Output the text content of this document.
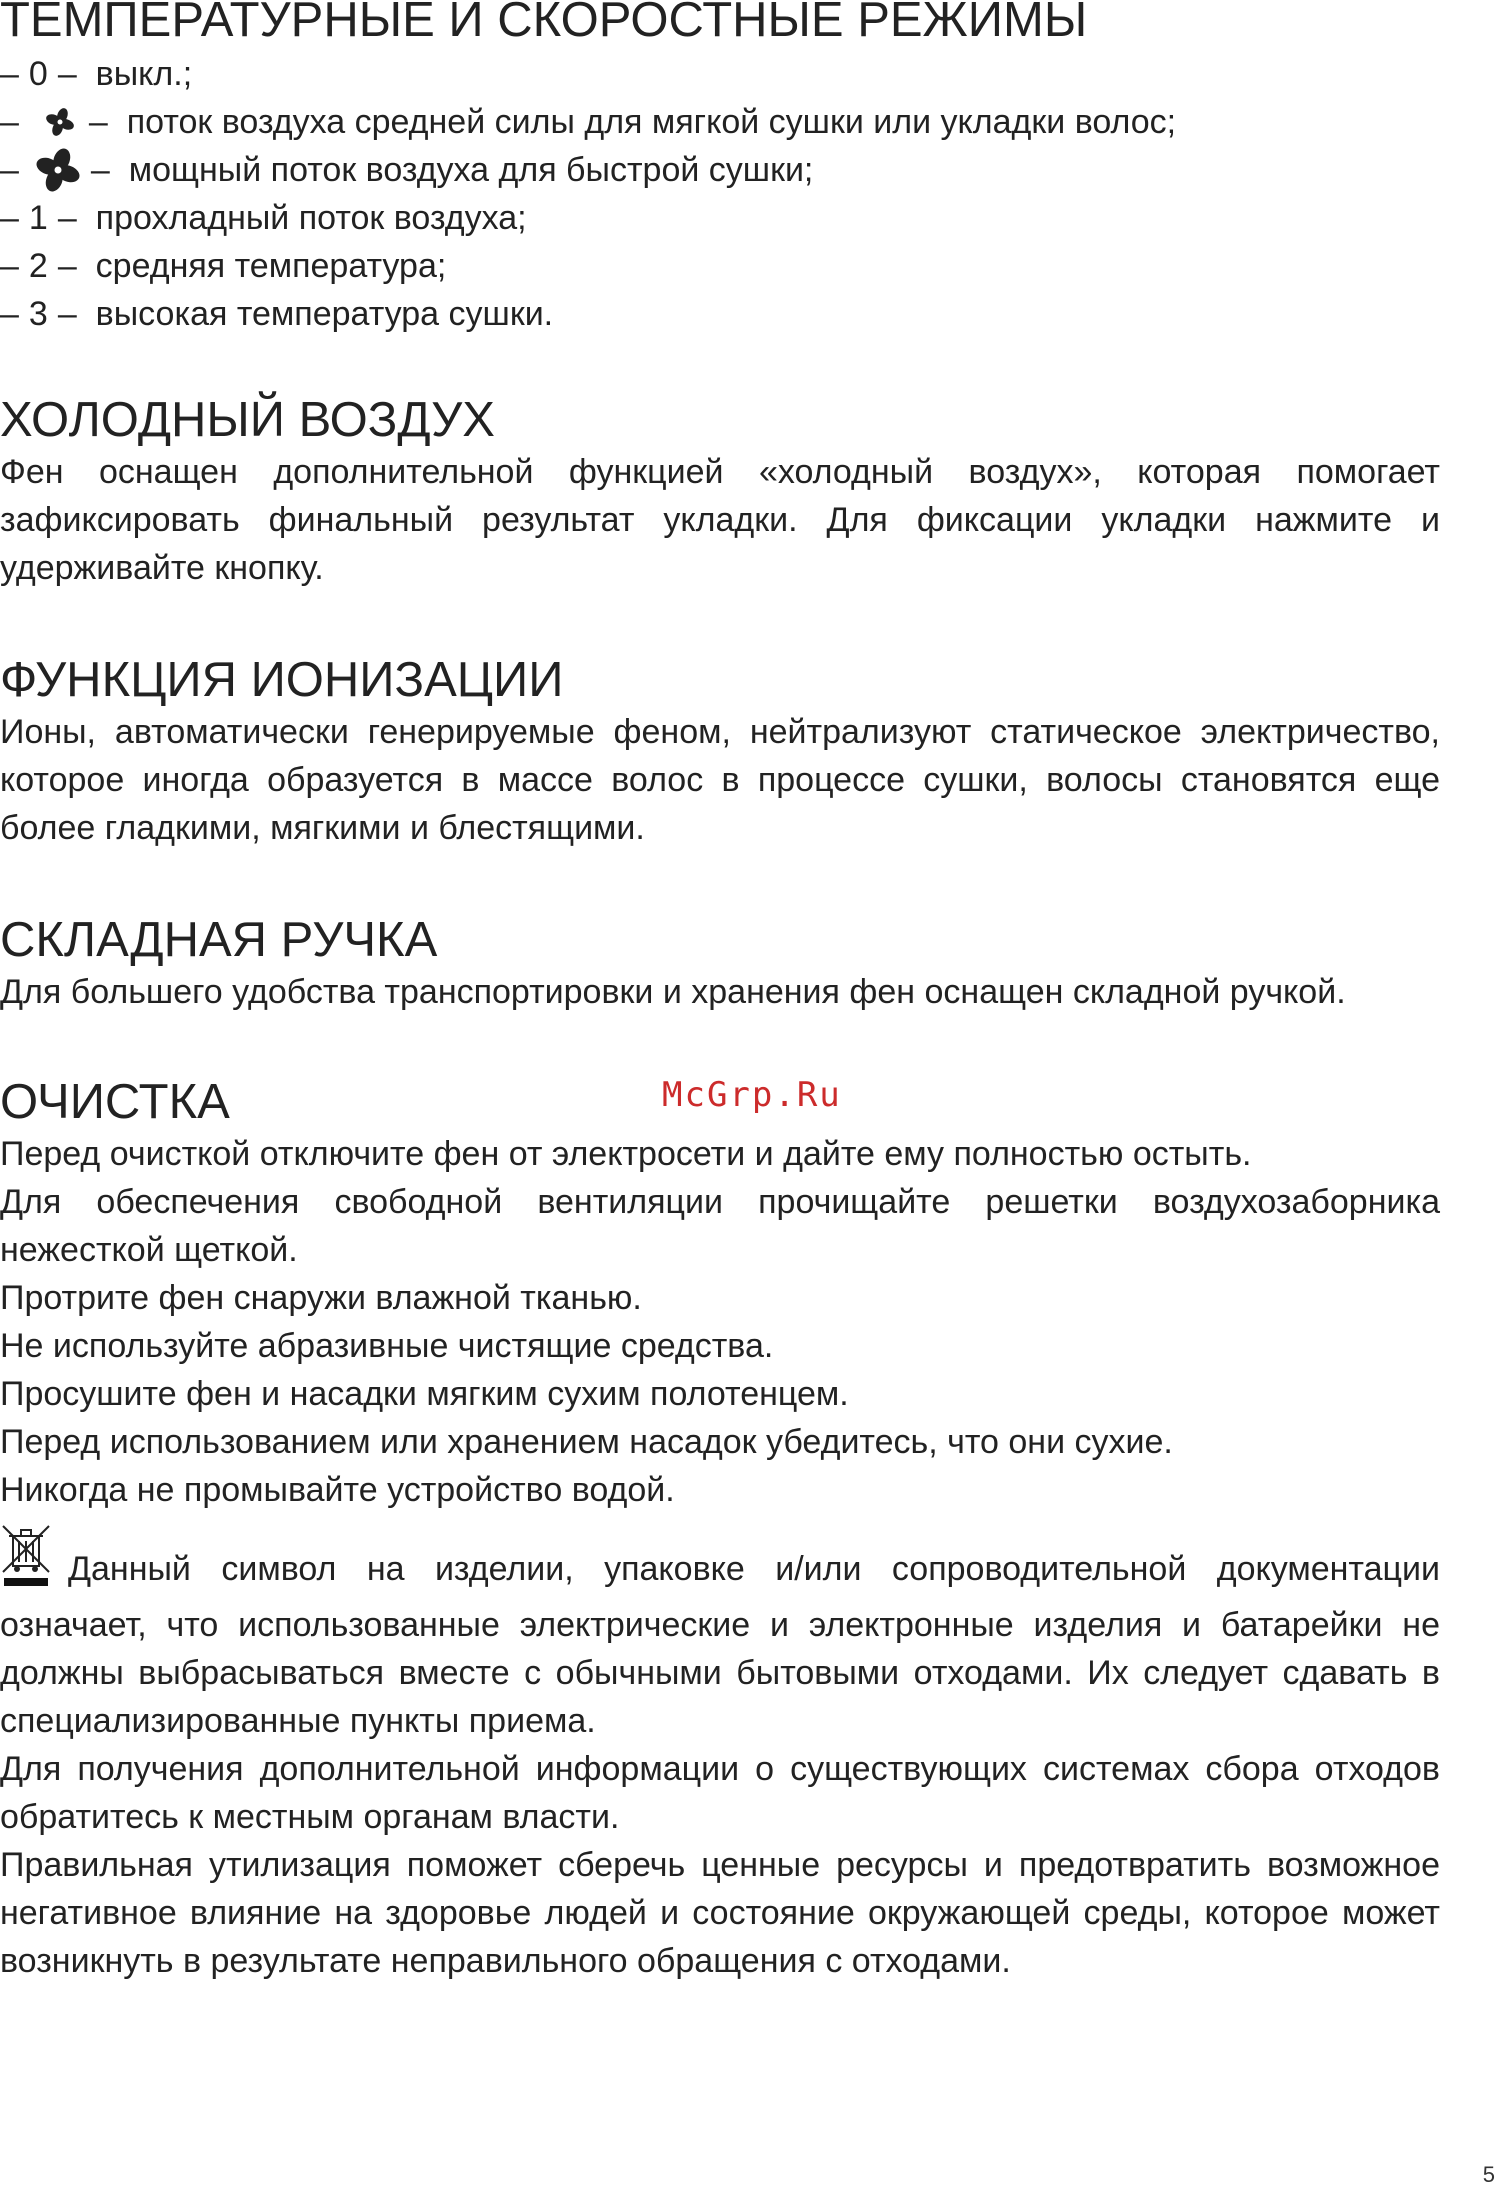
ТЕМПЕРАТУРНЫЕ И СКОРОСТНЫЕ РЕЖИМЫ
–
0
–
выкл.;
– –
поток воздуха средней силы для мягкой сушки или укладки волос;
– –
мощный поток воздуха для быстрой сушки;
–
1
–
прохладный поток воздуха;
–
2
–
средняя температура;
–
3
–
высокая температура сушки.
ХОЛОДНЫЙ ВОЗДУХ

Фен оснащен дополнительной функцией «холодный воздух», которая помогает зафиксировать финальный результат укладки. Для фиксации укладки нажмите и удерживайте кнопку.

ФУНКЦИЯ ИОНИЗАЦИИ

Ионы, автоматически генерируемые феном, нейтрализуют статическое электричество, которое иногда образуется в массе волос в процессе сушки, волосы становятся еще более гладкими, мягкими и блестящими.

СКЛАДНАЯ РУЧКА

Для большего удобства транспортировки и хранения фен оснащен складной ручкой.

ОЧИСТКА

Перед очисткой отключите фен от электросети и дайте ему полностью остыть.

Для обеспечения свободной вентиляции прочищайте решетки воздухозаборника нежесткой щеткой.

Протрите фен снаружи влажной тканью.

Не используйте абразивные чистящие средства.

Просушите фен и насадки мягким сухим полотенцем.

Перед использованием или хранением насадок убедитесь, что они сухие.

Никогда не промывайте устройство водой.

Данный символ на изделии, упаковке и/или сопроводительной документации означает, что использованные электрические и электронные изделия и батарейки не должны выбрасываться вместе с обычными бытовыми отходами. Их следует сдавать в специализированные пункты приема.

Для получения дополнительной информации о существующих системах сбора отходов обратитесь к местным органам власти.

Правильная утилизация поможет сберечь ценные ресурсы и предотвратить возможное негативное влияние на здоровье людей и состояние окружающей среды, которое может возникнуть в результате неправильного обращения с отходами.

McGrp.Ru
5
